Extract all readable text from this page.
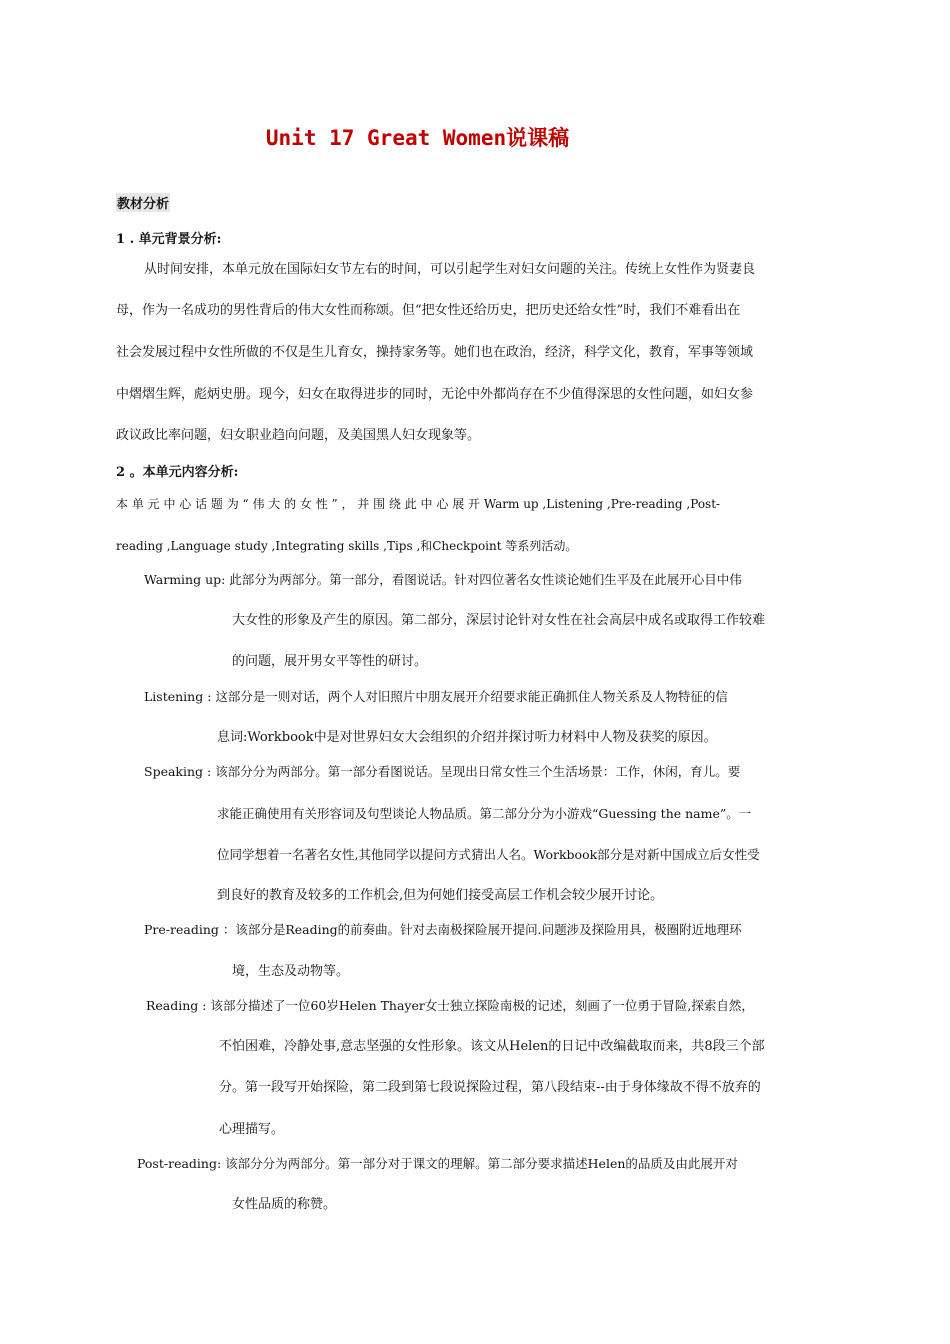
Unit 17 Great Women说课稿
教材分析
1 . 单元背景分析:
从时间安排，本单元放在国际妇女节左右的时间，可以引起学生对妇女问题的关注。传统上女性作为贤妻良
母，作为一名成功的男性背后的伟大女性而称颂。但“把女性还给历史，把历史还给女性”时，我们不难看出在
社会发展过程中女性所做的不仅是生儿育女，操持家务等。她们也在政治，经济，科学文化，教育，军事等领域
中熠熠生辉，彪炳史册。现今，妇女在取得进步的同时，无论中外都尚存在不少值得深思的女性问题，如妇女参
政议政比率问题，妇女职业趋向问题，及美国黑人妇女现象等。
2 。本单元内容分析:
本 单 元 中 心 话 题 为 “ 伟 大 的 女 性 ” ， 并 围 绕 此 中 心 展 开 Warm up ,Listening ,Pre-reading ,Post-
reading ,Language study ,Integrating skills ,Tips ,和Checkpoint 等系列活动。
Warming up: 此部分为两部分。第一部分，看图说话。针对四位著名女性谈论她们生平及在此展开心目中伟
大女性的形象及产生的原因。第二部分，深层讨论针对女性在社会高层中成名或取得工作较难
的问题，展开男女平等性的研讨。
Listening : 这部分是一则对话，两个人对旧照片中朋友展开介绍要求能正确抓住人物关系及人物特征的信
息词:Workbook中是对世界妇女大会组织的介绍并探讨听力材料中人物及获奖的原因。
Speaking : 该部分分为两部分。第一部分看图说话。呈现出日常女性三个生活场景：工作，休闲，育儿。要
求能正确使用有关形容词及句型谈论人物品质。第二部分分为小游戏“Guessing the name”。一
位同学想着一名著名女性,其他同学以提问方式猜出人名。Workbook部分是对新中国成立后女性受
到良好的教育及较多的工作机会,但为何她们接受高层工作机会较少展开讨论。
Pre-reading ：该部分是Reading的前奏曲。针对去南极探险展开提问.问题涉及探险用具，极圈附近地理环
境，生态及动物等。
Reading : 该部分描述了一位60岁Helen Thayer女士独立探险南极的记述，刻画了一位勇于冒险,探索自然，
不怕困难，冷静处事,意志坚强的女性形象。该文从Helen的日记中改编截取而来，共8段三个部
分。第一段写开始探险，第二段到第七段说探险过程，第八段结束--由于身体缘故不得不放弃的
心理描写。
Post-reading: 该部分分为两部分。第一部分对于课文的理解。第二部分要求描述Helen的品质及由此展开对
女性品质的称赞。
